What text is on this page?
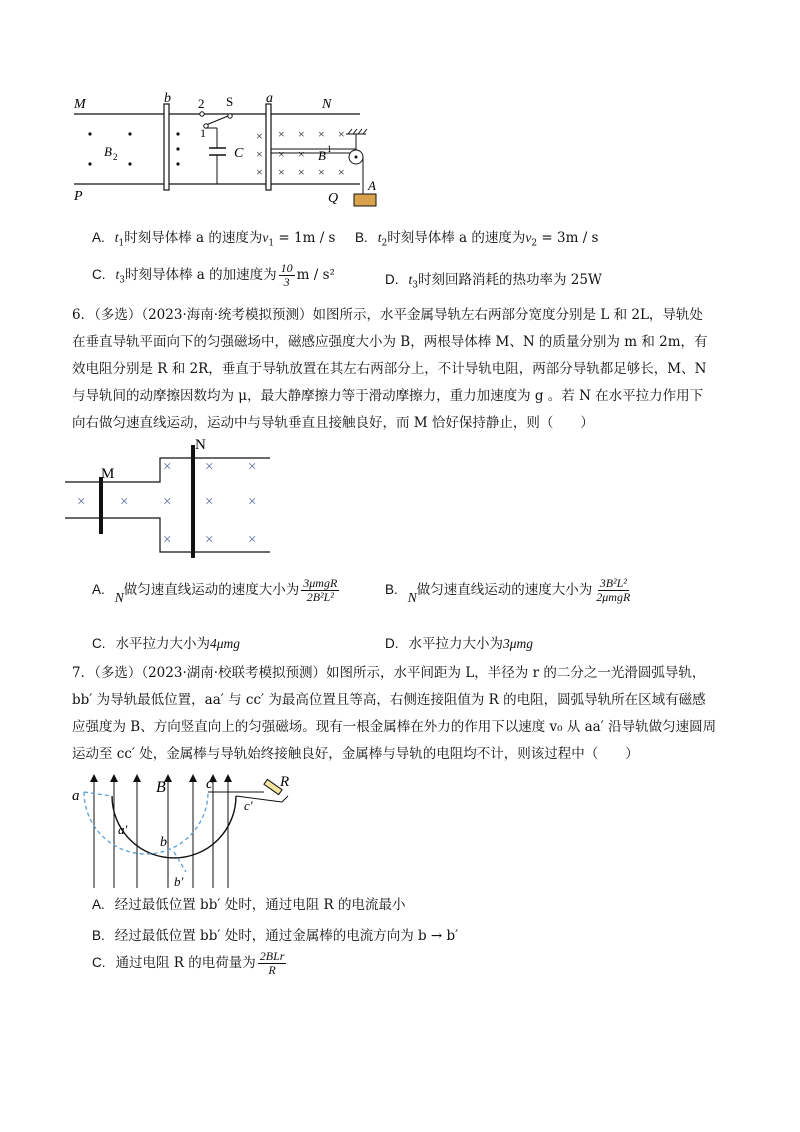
× × × × ×
× × ×
× × × × ×
M	b 2 S a	N
1
C
B 2	B 1
P	Q
A
A. $t_1$时刻导体棒 a 的速度为$v_1 = 1m / s$ B. $t_2$时刻导体棒 a 的速度为$v_2 = 3m / s$
C. $t_3$时刻导体棒 a 的加速度为 $\frac{10}{3}$ m / s²	D. $t_3$时刻回路消耗的热功率为 25W
6．（多选）（2023·海南·统考模拟预测）如图所示，水平金属导轨左右两部分宽度分别是 L 和 2L，导轨处
在垂直导轨平面向下的匀强磁场中，磁感应强度大小为 B，两根导体棒 M、N 的质量分别为 m 和 2m，有
效电阻分别是 R 和 2R，垂直于导轨放置在其左右两部分上，不计导轨电阻，两部分导轨都足够长，M、N
与导轨间的动摩擦因数均为 μ，最大静摩擦力等于滑动摩擦力，重力加速度为 g 。若 N 在水平拉力作用下
向右做匀速直线运动，运动中与导轨垂直且接触良好，而 M 恰好保持静止，则（　　）
× × ×
× × × × ×
× × ×
M
N
A.N做匀速直线运动的速度大小为 $\frac{\text{3μmgR}}{\text{2B²L²}}$	B.N做匀速直线运动的速度大小为 $\frac{\text{3B²L²}}{\text{2μmgR}}$
C. 水平拉力大小为4μmg	D. 水平拉力大小为3μmg
7．（多选）（2023·湖南·校联考模拟预测）如图所示，水平间距为 L，半径为 r 的二分之一光滑圆弧导轨，
bb′ 为导轨最低位置，aa′ 与 cc′ 为最高位置且等高，右侧连接阻值为 R 的电阻，圆弧导轨所在区域有磁感
应强度为 B、方向竖直向上的匀强磁场。现有一根金属棒在外力的作用下以速度 v₀ 从 aa′ 沿导轨做匀速圆周
运动至 cc′ 处，金属棒与导轨始终接触良好，金属棒与导轨的电阻均不计，则该过程中（　　）
a
a′
B	c
c′
R
b
b′
A. 经过最低位置 bb′ 处时，通过电阻 R 的电流最小
B. 经过最低位置 bb′ 处时，通过金属棒的电流方向为 b → b′
C. 通过电阻 R 的电荷量为 $\frac{\text{2BLr}}{R}$
